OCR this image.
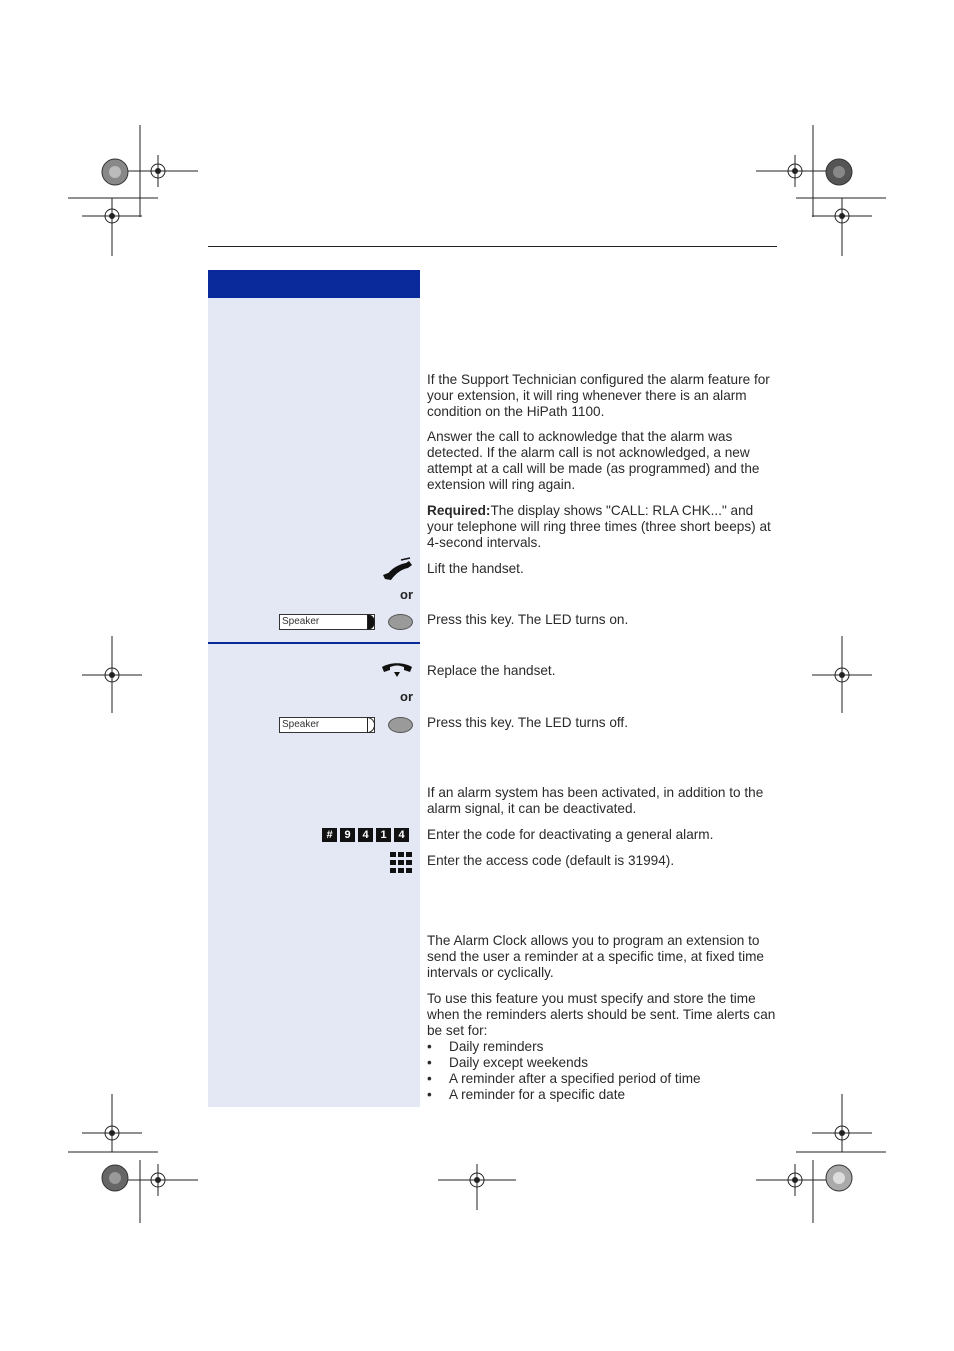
If the Support Technician configured the alarm feature for your extension, it will ring whenever there is an alarm condition on the HiPath 1100.
Answer the call to acknowledge that the alarm was detected. If the alarm call is not acknowledged, a new attempt at a call will be made (as programmed) and the extension will ring again.
Required:The display shows "CALL: RLA CHK..." and your telephone will ring three times (three short beeps) at 4-second intervals.
Lift the handset.
or
Speaker	Press this key. The LED turns on.
Replace the handset.
or
Speaker	Press this key. The LED turns off.
If an alarm system has been activated, in addition to the alarm signal, it can be deactivated.
#	9	4	1	4	Enter the code for deactivating a general alarm.
Enter the access code (default is 31994).
The Alarm Clock allows you to program an extension to send the user a reminder at a specific time, at fixed time intervals or cyclically.
To use this feature you must specify and store the time when the reminders alerts should be sent. Time alerts can be set for:
• Daily reminders
• Daily except weekends
• A reminder after a specified period of time
• A reminder for a specific date
